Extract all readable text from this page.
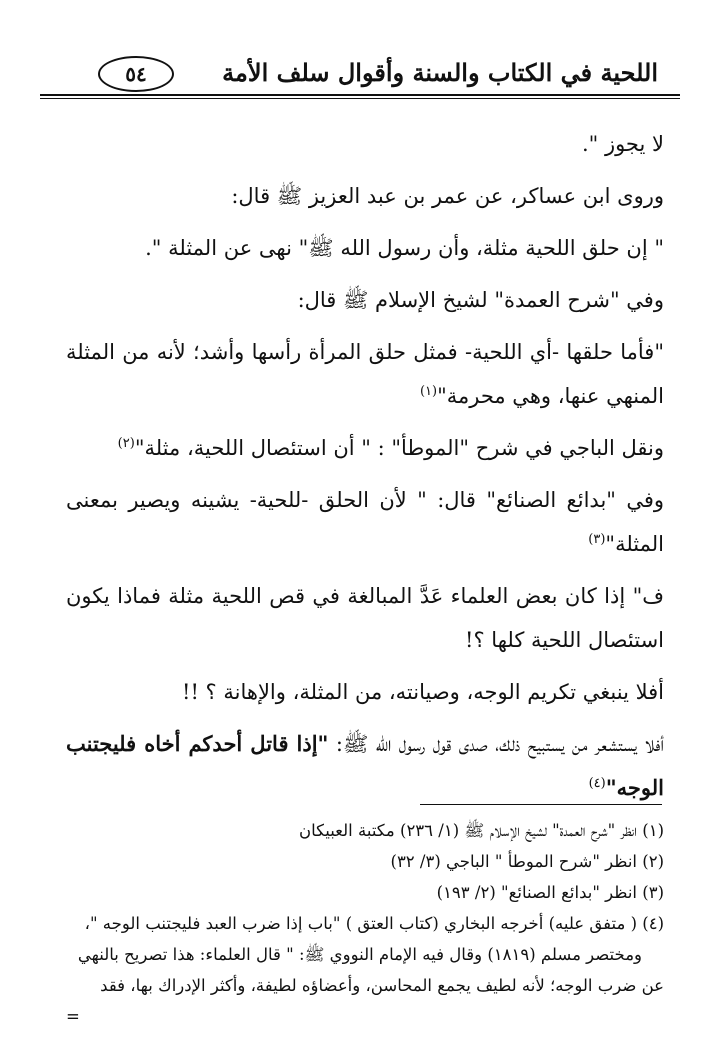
اللحية في الكتاب والسنة وأقوال سلف الأمة
٥٤

لا يجوز ".

وروى ابن عساكر، عن عمر بن عبد العزيز ﷺ قال:

" إن حلق اللحية مثلة، وأن رسول الله ﷺ" نهى عن المثلة ".

وفي "شرح العمدة" لشيخ الإسلام ﷺ قال:

"فأما حلقها -أي اللحية- فمثل حلق المرأة رأسها وأشد؛ لأنه من المثلة المنهي عنها، وهي محرمة"$^{(١)}$

ونقل الباجي في شرح "الموطأ" : " أن استئصال اللحية، مثلة"$^{(٢)}$

وفي "بدائع الصنائع" قال: " لأن الحلق -للحية- يشينه ويصير بمعنى المثلة"$^{(٣)}$

ف" إذا كان بعض العلماء عَدَّ المبالغة في قص اللحية مثلة فماذا يكون استئصال اللحية كلها ؟!

أفلا ينبغي تكريم الوجه، وصيانته، من المثلة، والإهانة ؟ !!

أفلا يستشعر من يستبيح ذلك، صدى قول رسول الله ﷺ: "إذا قاتل أحدكم أخاه فليجتنب الوجه"$^{(٤)}$

(١) انظر "شرح العمدة" لشيخ الإسلام ﷺ (١/ ٢٣٦) مكتبة العبيكان

(٢) انظر "شرح الموطأ " الباجي (٣/ ٣٢)

(٣) انظر "بدائع الصنائع" (٢/ ١٩٣)

(٤) ( متفق عليه) أخرجه البخاري (كتاب العتق ) "باب إذا ضرب العبد فليجتنب الوجه "،

ومختصر مسلم (١٨١٩) وقال فيه الإمام النووي ﷺ: " قال العلماء: هذا تصريح بالنهي

عن ضرب الوجه؛ لأنه لطيف يجمع المحاسن، وأعضاؤه لطيفة، وأكثر الإدراك بها، فقد

=
